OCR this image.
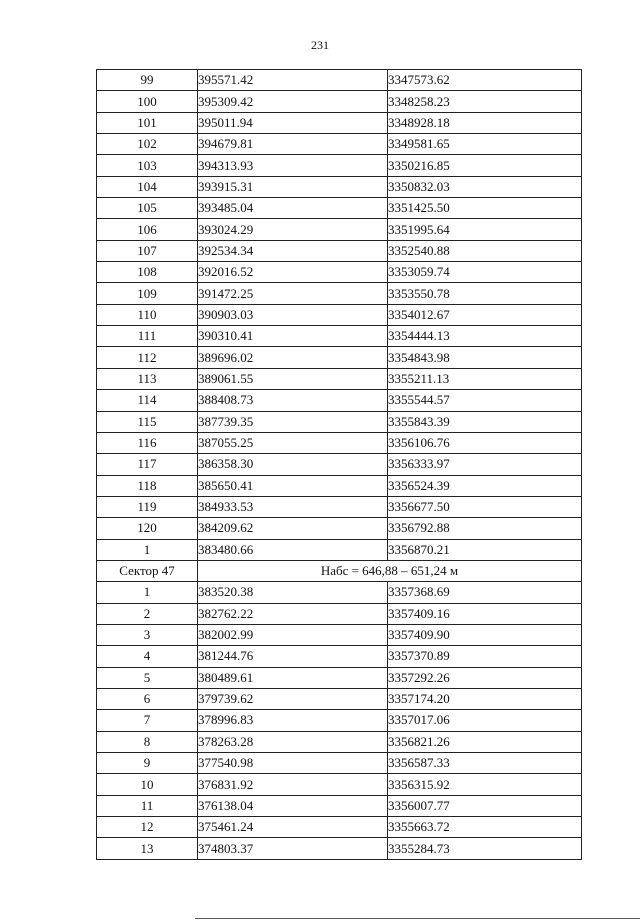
231
99	395571.42	3347573.62
100	395309.42	3348258.23
101	395011.94	3348928.18
102	394679.81	3349581.65
103	394313.93	3350216.85
104	393915.31	3350832.03
105	393485.04	3351425.50
106	393024.29	3351995.64
107	392534.34	3352540.88
108	392016.52	3353059.74
109	391472.25	3353550.78
110	390903.03	3354012.67
111	390310.41	3354444.13
112	389696.02	3354843.98
113	389061.55	3355211.13
114	388408.73	3355544.57
115	387739.35	3355843.39
116	387055.25	3356106.76
117	386358.30	3356333.97
118	385650.41	3356524.39
119	384933.53	3356677.50
120	384209.62	3356792.88
1	383480.66	3356870.21
Сектор 47	Набс = 646,88 – 651,24 м	
1	383520.38	3357368.69
2	382762.22	3357409.16
3	382002.99	3357409.90
4	381244.76	3357370.89
5	380489.61	3357292.26
6	379739.62	3357174.20
7	378996.83	3357017.06
8	378263.28	3356821.26
9	377540.98	3356587.33
10	376831.92	3356315.92
11	376138.04	3356007.77
12	375461.24	3355663.72
13	374803.37	3355284.73
